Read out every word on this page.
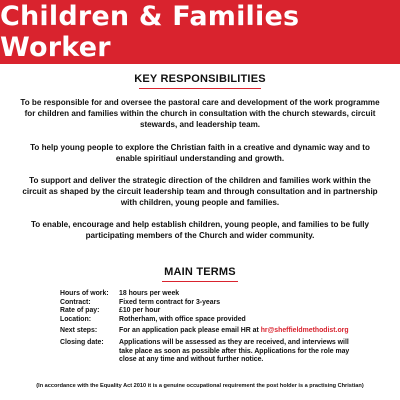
Children & Families Worker
KEY RESPONSIBILITIES

To be responsible for and oversee the pastoral care and development of the work programme for children and families within the church in consultation with the church stewards, circuit stewards, and leadership team.

To help young people to explore the Christian faith in a creative and dynamic way and to enable spiritiaul understanding and growth.

To support and deliver the strategic direction of the children and families work within the circuit as shaped by the circuit leadership team and through consultation and in partnership with children, young people and families.

To enable, encourage and help establish children, young people, and families to be fully participating members of the Church and wider community.

MAIN TERMS
Hours of work:	18 hours per week
Contract:	Fixed term contract for 3-years
Rate of pay:	£10 per hour
Location:	Rotherham, with office space provided
Next steps:	For an application pack please email HR at hr@sheffieldmethodist.org
Closing date:	Applications will be assessed as they are received, and interviews will take place as soon as possible after this. Applications for the role may close at any time and without further notice.
(In accordance with the Equality Act 2010 it is a genuine occupational requirement the post holder is a practising Christian)
